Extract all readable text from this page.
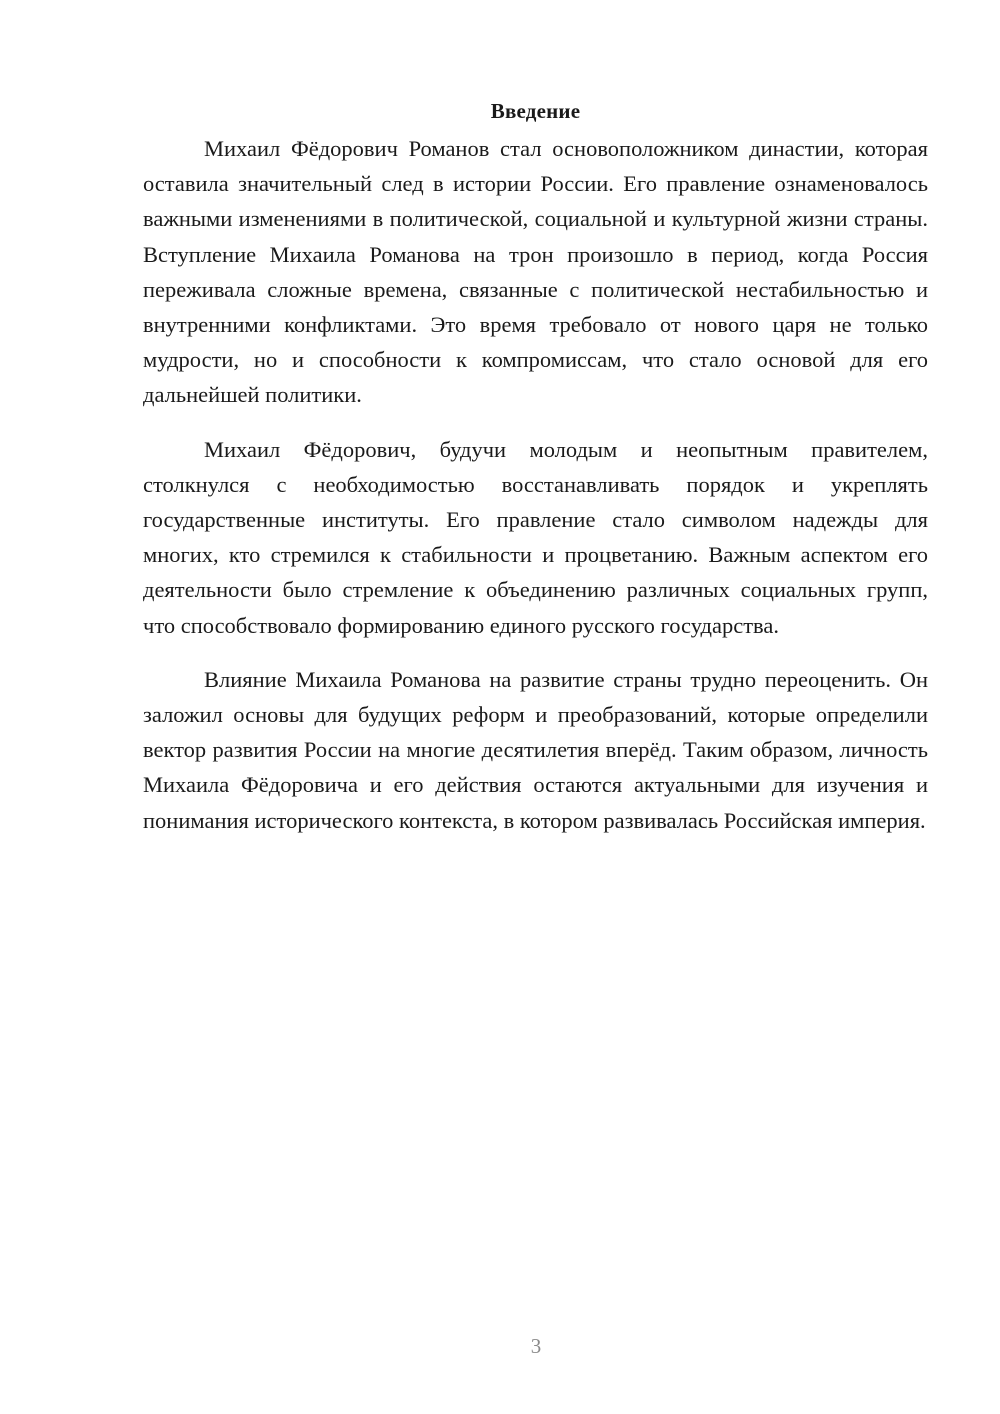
Введение

Михаил Фёдорович Романов стал основоположником династии, которая оставила значительный след в истории России. Его правление ознаменовалось важными изменениями в политической, социальной и культурной жизни страны. Вступление Михаила Романова на трон произошло в период, когда Россия переживала сложные времена, связанные с политической нестабильностью и внутренними конфликтами. Это время требовало от нового царя не только мудрости, но и способности к компромиссам, что стало основой для его дальнейшей политики.

Михаил Фёдорович, будучи молодым и неопытным правителем, столкнулся с необходимостью восстанавливать порядок и укреплять государственные институты. Его правление стало символом надежды для многих, кто стремился к стабильности и процветанию. Важным аспектом его деятельности было стремление к объединению различных социальных групп, что способствовало формированию единого русского государства.

Влияние Михаила Романова на развитие страны трудно переоценить. Он заложил основы для будущих реформ и преобразований, которые определили вектор развития России на многие десятилетия вперёд. Таким образом, личность Михаила Фёдоровича и его действия остаются актуальными для изучения и понимания исторического контекста, в котором развивалась Российская империя.

3
